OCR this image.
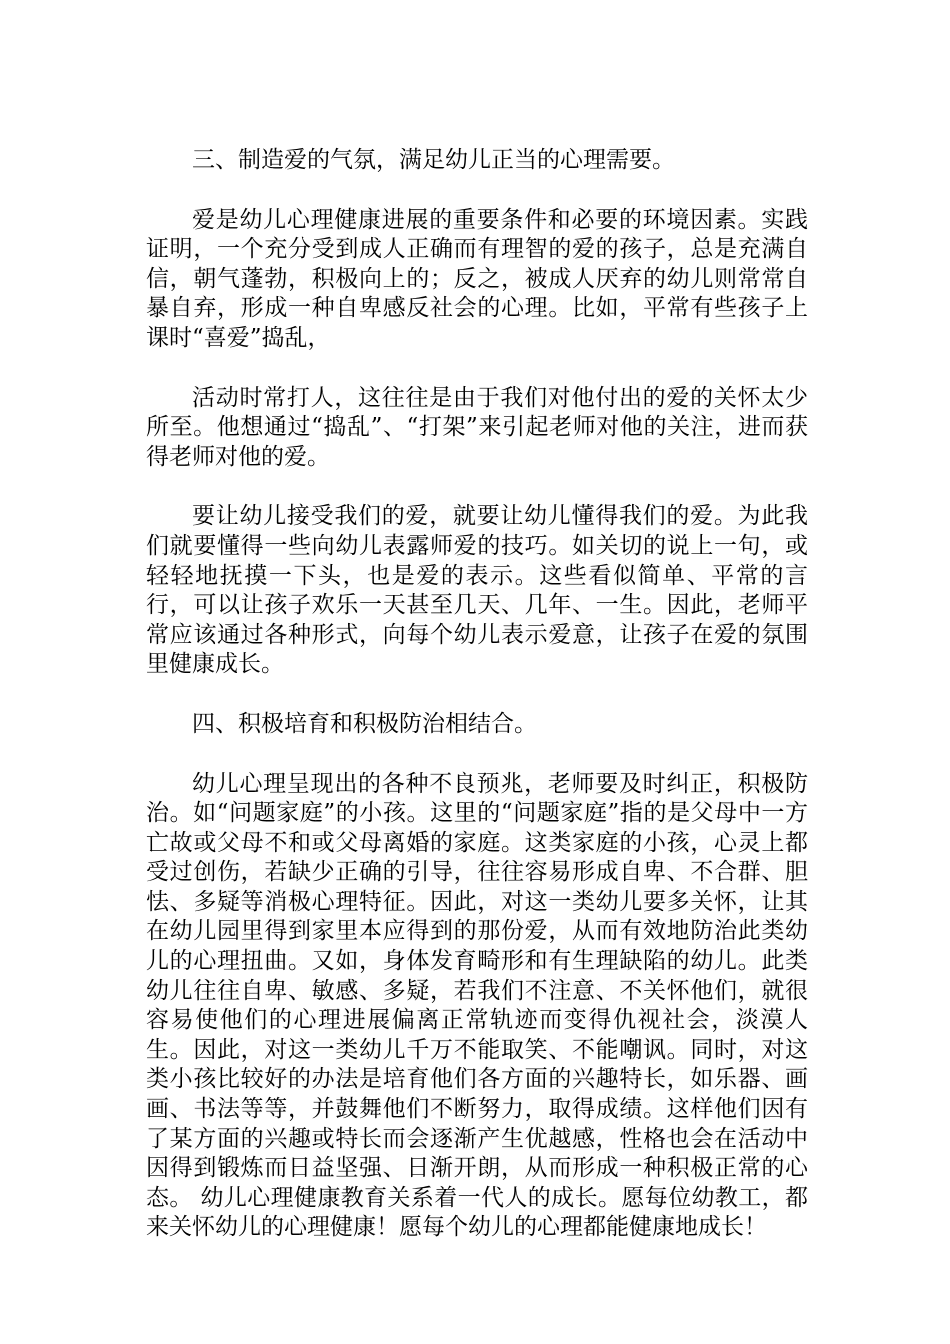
三、制造爱的气氛，满足幼儿正当的心理需要。

爱是幼儿心理健康进展的重要条件和必要的环境因素。实践证明，一个充分受到成人正确而有理智的爱的孩子，总是充满自信，朝气蓬勃，积极向上的；反之，被成人厌弃的幼儿则常常自暴自弃，形成一种自卑感反社会的心理。比如，平常有些孩子上课时“喜爱”捣乱，

活动时常打人，这往往是由于我们对他付出的爱的关怀太少所至。他想通过“捣乱”、“打架”来引起老师对他的关注，进而获得老师对他的爱。

要让幼儿接受我们的爱，就要让幼儿懂得我们的爱。为此我们就要懂得一些向幼儿表露师爱的技巧。如关切的说上一句，或轻轻地抚摸一下头，也是爱的表示。这些看似简单、平常的言行，可以让孩子欢乐一天甚至几天、几年、一生。因此，老师平常应该通过各种形式，向每个幼儿表示爱意，让孩子在爱的氛围里健康成长。

四、积极培育和积极防治相结合。

幼儿心理呈现出的各种不良预兆，老师要及时纠正，积极防治。如“问题家庭”的小孩。这里的“问题家庭”指的是父母中一方亡故或父母不和或父母离婚的家庭。这类家庭的小孩，心灵上都受过创伤，若缺少正确的引导，往往容易形成自卑、不合群、胆怯、多疑等消极心理特征。因此，对这一类幼儿要多关怀，让其在幼儿园里得到家里本应得到的那份爱，从而有效地防治此类幼儿的心理扭曲。又如，身体发育畸形和有生理缺陷的幼儿。此类幼儿往往自卑、敏感、多疑，若我们不注意、不关怀他们，就很容易使他们的心理进展偏离正常轨迹而变得仇视社会，淡漠人生。因此，对这一类幼儿千万不能取笑、不能嘲讽。同时，对这类小孩比较好的办法是培育他们各方面的兴趣特长，如乐器、画画、书法等等，并鼓舞他们不断努力，取得成绩。这样他们因有了某方面的兴趣或特长而会逐渐产生优越感，性格也会在活动中因得到锻炼而日益坚强、日渐开朗，从而形成一种积极正常的心态。 幼儿心理健康教育关系着一代人的成长。愿每位幼教工，都来关怀幼儿的心理健康！愿每个幼儿的心理都能健康地成长！
